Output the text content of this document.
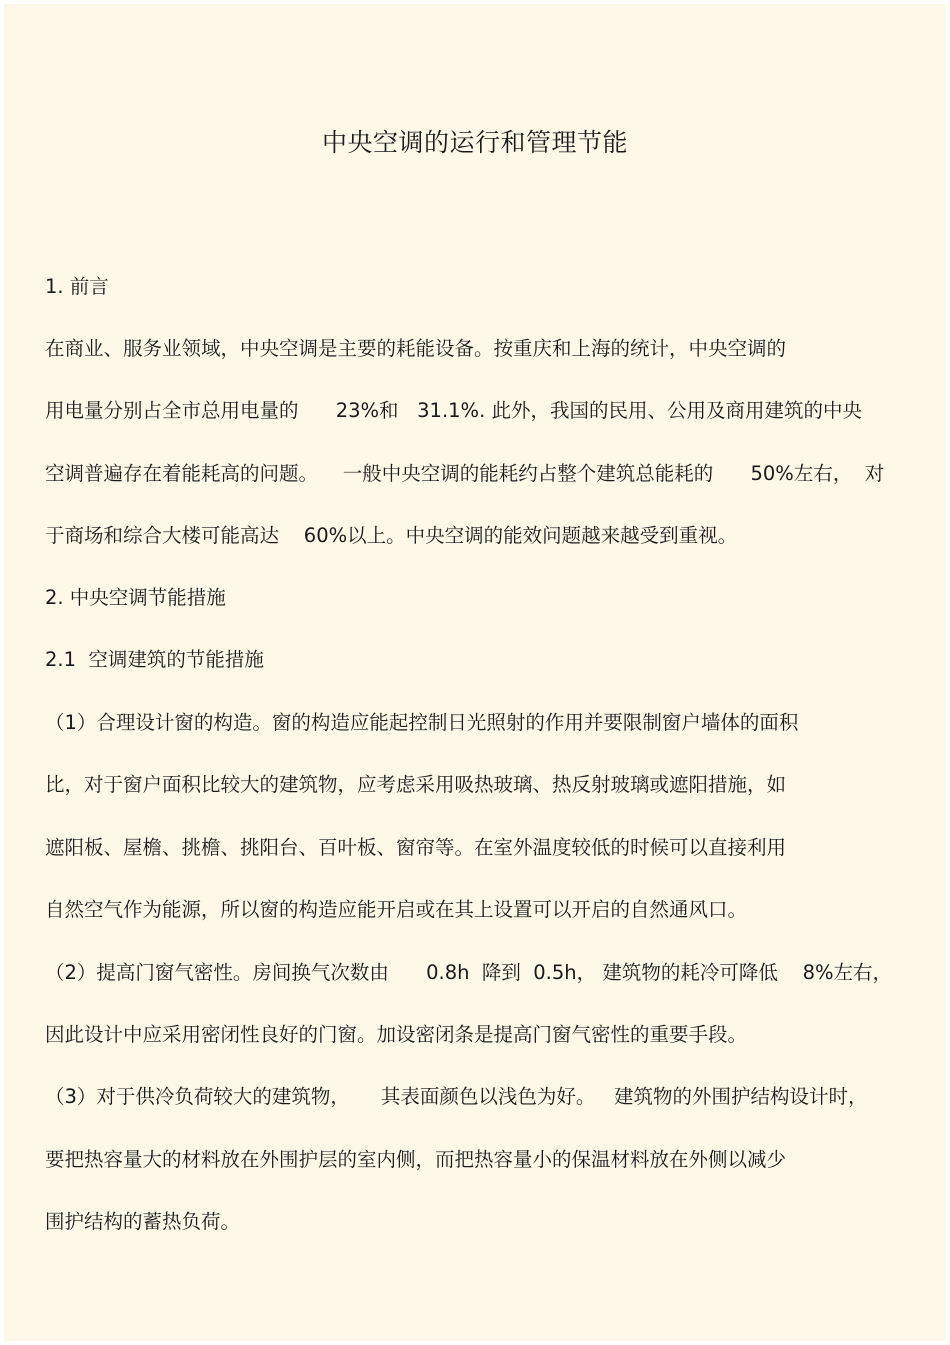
中央空调的运行和管理节能
1. 前言
在商业、服务业领域，中央空调是主要的耗能设备。按重庆和上海的统计，中央空调的
用电量分别占全市总用电量的      23%和   31.1%. 此外，我国的民用、公用及商用建筑的中央
空调普遍存在着能耗高的问题。    一般中央空调的能耗约占整个建筑总能耗的      50%左右，  对
于商场和综合大楼可能高达    60%以上。中央空调的能效问题越来越受到重视。
2. 中央空调节能措施
2.1  空调建筑的节能措施
（1）合理设计窗的构造。窗的构造应能起控制日光照射的作用并要限制窗户墙体的面积
比，对于窗户面积比较大的建筑物，应考虑采用吸热玻璃、热反射玻璃或遮阳措施，如
遮阳板、屋檐、挑檐、挑阳台、百叶板、窗帘等。在室外温度较低的时候可以直接利用
自然空气作为能源，所以窗的构造应能开启或在其上设置可以开启的自然通风口。
（2）提高门窗气密性。房间换气次数由      0.8h  降到  0.5h， 建筑物的耗冷可降低    8%左右，
因此设计中应采用密闭性良好的门窗。加设密闭条是提高门窗气密性的重要手段。
（3）对于供冷负荷较大的建筑物，     其表面颜色以浅色为好。   建筑物的外围护结构设计时，
要把热容量大的材料放在外围护层的室内侧，而把热容量小的保温材料放在外侧以减少
围护结构的蓄热负荷。
